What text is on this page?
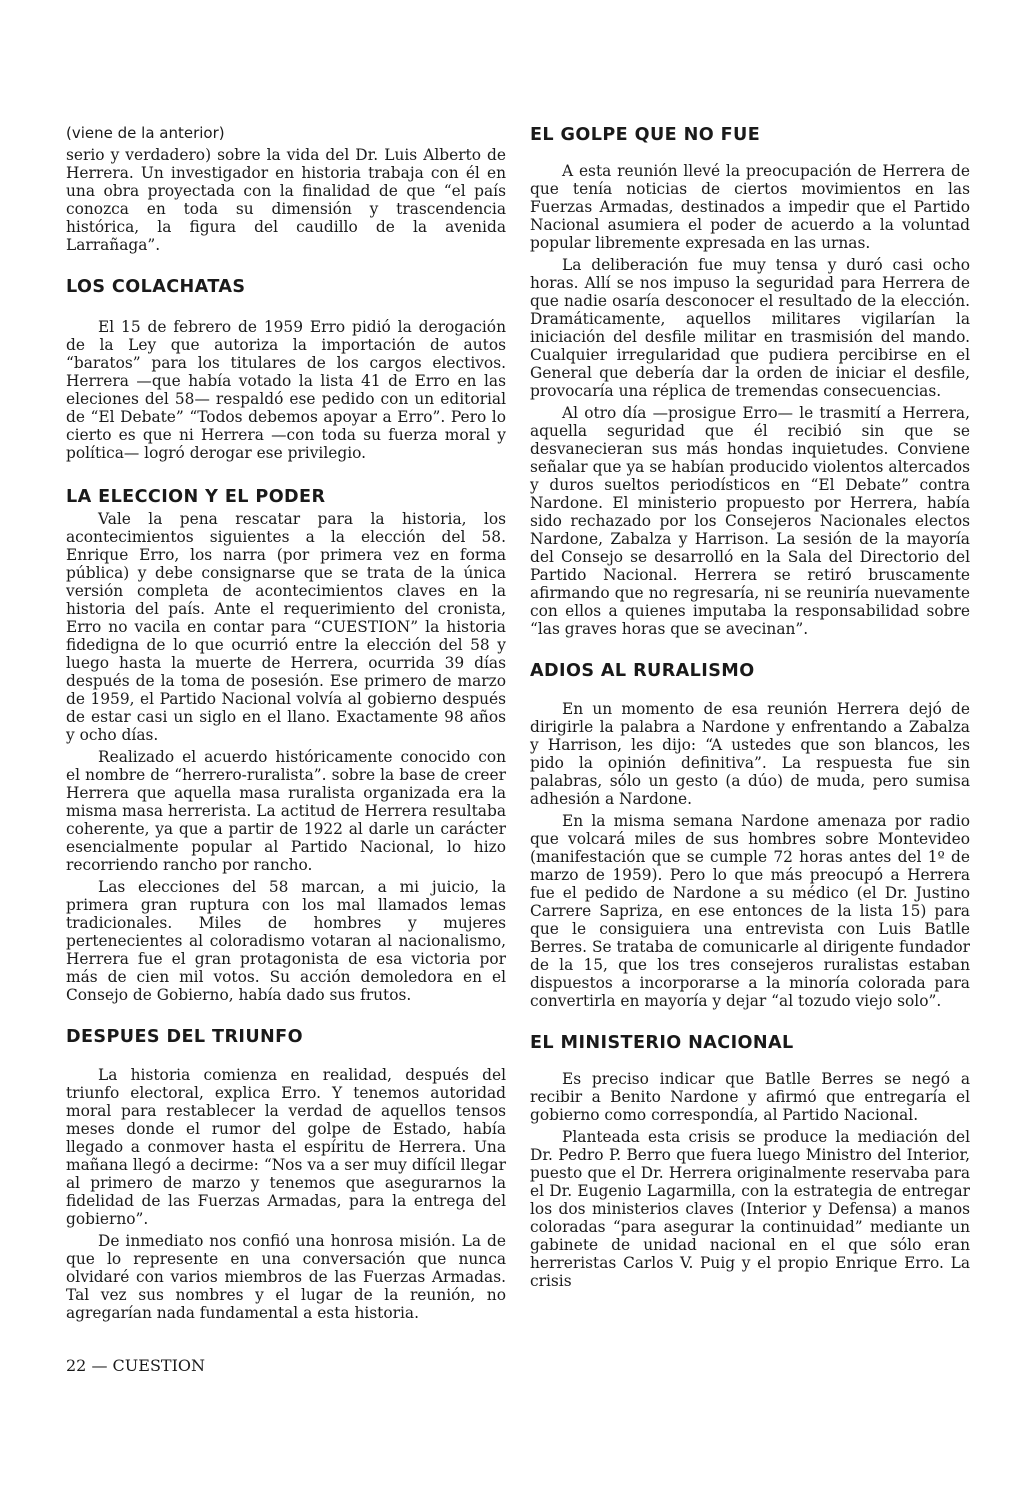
(viene de la anterior)

serio y verdadero) sobre la vida del Dr. Luis Alberto de Herrera. Un investigador en historia trabaja con él en una obra proyectada con la finalidad de que “el país conozca en toda su dimensión y trascendencia histórica, la figura del caudillo de la avenida Larrañaga”.

LOS COLACHATAS

El 15 de febrero de 1959 Erro pidió la derogación de la Ley que autoriza la importación de autos “baratos” para los titulares de los cargos electivos. Herrera —que había votado la lista 41 de Erro en las eleciones del 58— respaldó ese pedido con un editorial de “El Debate” “Todos debemos apoyar a Erro”. Pero lo cierto es que ni Herrera —con toda su fuerza moral y política— logró derogar ese privilegio.

LA ELECCION Y EL PODER

Vale la pena rescatar para la historia, los acontecimientos siguientes a la elección del 58. Enrique Erro, los narra (por primera vez en forma pública) y debe consignarse que se trata de la única versión completa de acontecimientos claves en la historia del país. Ante el requerimiento del cronista, Erro no vacila en contar para “CUESTION” la historia fidedigna de lo que ocurrió entre la elección del 58 y luego hasta la muerte de Herrera, ocurrida 39 días después de la toma de posesión. Ese primero de marzo de 1959, el Partido Nacional volvía al gobierno después de estar casi un siglo en el llano. Exactamente 98 años y ocho días.

Realizado el acuerdo históricamente conocido con el nombre de “herrero-ruralista”. sobre la base de creer Herrera que aquella masa ruralista organizada era la misma masa herrerista. La actitud de Herrera resultaba coherente, ya que a partir de 1922 al darle un carácter esencialmente popular al Partido Nacional, lo hizo recorriendo rancho por rancho.

Las elecciones del 58 marcan, a mi juicio, la primera gran ruptura con los mal llamados lemas tradicionales. Miles de hombres y mujeres pertenecientes al coloradismo votaran al nacionalismo, Herrera fue el gran protagonista de esa victoria por más de cien mil votos. Su acción demoledora en el Consejo de Gobierno, había dado sus frutos.

DESPUES DEL TRIUNFO

La historia comienza en realidad, después del triunfo electoral, explica Erro. Y tenemos autoridad moral para restablecer la verdad de aquellos tensos meses donde el rumor del golpe de Estado, había llegado a conmover hasta el espíritu de Herrera. Una mañana llegó a decirme: “Nos va a ser muy difícil llegar al primero de marzo y tenemos que asegurarnos la fidelidad de las Fuerzas Armadas, para la entrega del gobierno”.

De inmediato nos confió una honrosa misión. La de que lo represente en una conversación que nunca olvidaré con varios miembros de las Fuerzas Armadas. Tal vez sus nombres y el lugar de la reunión, no agregarían nada fundamental a esta historia.

EL GOLPE QUE NO FUE

A esta reunión llevé la preocupación de Herrera de que tenía noticias de ciertos movimientos en las Fuerzas Armadas, destinados a impedir que el Partido Nacional asumiera el poder de acuerdo a la voluntad popular libremente expresada en las urnas.

La deliberación fue muy tensa y duró casi ocho horas. Allí se nos impuso la seguridad para Herrera de que nadie osaría desconocer el resultado de la elección. Dramáticamente, aquellos militares vigilarían la iniciación del desfile militar en trasmisión del mando. Cualquier irregularidad que pudiera percibirse en el General que debería dar la orden de iniciar el desfile, provocaría una réplica de tremendas consecuencias.

Al otro día —prosigue Erro— le trasmití a Herrera, aquella seguridad que él recibió sin que se desvanecieran sus más hondas inquietudes. Conviene señalar que ya se habían producido violentos altercados y duros sueltos periodísticos en “El Debate” contra Nardone. El ministerio propuesto por Herrera, había sido rechazado por los Consejeros Nacionales electos Nardone, Zabalza y Harrison. La sesión de la mayoría del Consejo se desarrolló en la Sala del Directorio del Partido Nacional. Herrera se retiró bruscamente afirmando que no regresaría, ni se reuniría nuevamente con ellos a quienes imputaba la responsabilidad sobre “las graves horas que se avecinan”.

ADIOS AL RURALISMO

En un momento de esa reunión Herrera dejó de dirigirle la palabra a Nardone y enfrentando a Zabalza y Harrison, les dijo: “A ustedes que son blancos, les pido la opinión definitiva”. La respuesta fue sin palabras, sólo un gesto (a dúo) de muda, pero sumisa adhesión a Nardone.

En la misma semana Nardone amenaza por radio que volcará miles de sus hombres sobre Montevideo (manifestación que se cumple 72 horas antes del 1º de marzo de 1959). Pero lo que más preocupó a Herrera fue el pedido de Nardone a su médico (el Dr. Justino Carrere Sapriza, en ese entonces de la lista 15) para que le consiguiera una entrevista con Luis Batlle Berres. Se trataba de comunicarle al dirigente fundador de la 15, que los tres consejeros ruralistas estaban dispuestos a incorporarse a la minoría colorada para convertirla en mayoría y dejar “al tozudo viejo solo”.

EL MINISTERIO NACIONAL

Es preciso indicar que Batlle Berres se negó a recibir a Benito Nardone y afirmó que entregaría el gobierno como correspondía, al Partido Nacional.

Planteada esta crisis se produce la mediación del Dr. Pedro P. Berro que fuera luego Ministro del Interior, puesto que el Dr. Herrera originalmente reservaba para el Dr. Eugenio Lagarmilla, con la estrategia de entregar los dos ministerios claves (Interior y Defensa) a manos coloradas “para asegurar la continuidad” mediante un gabinete de unidad nacional en el que sólo eran herreristas Carlos V. Puig y el propio Enrique Erro. La crisis

22 — CUESTION
